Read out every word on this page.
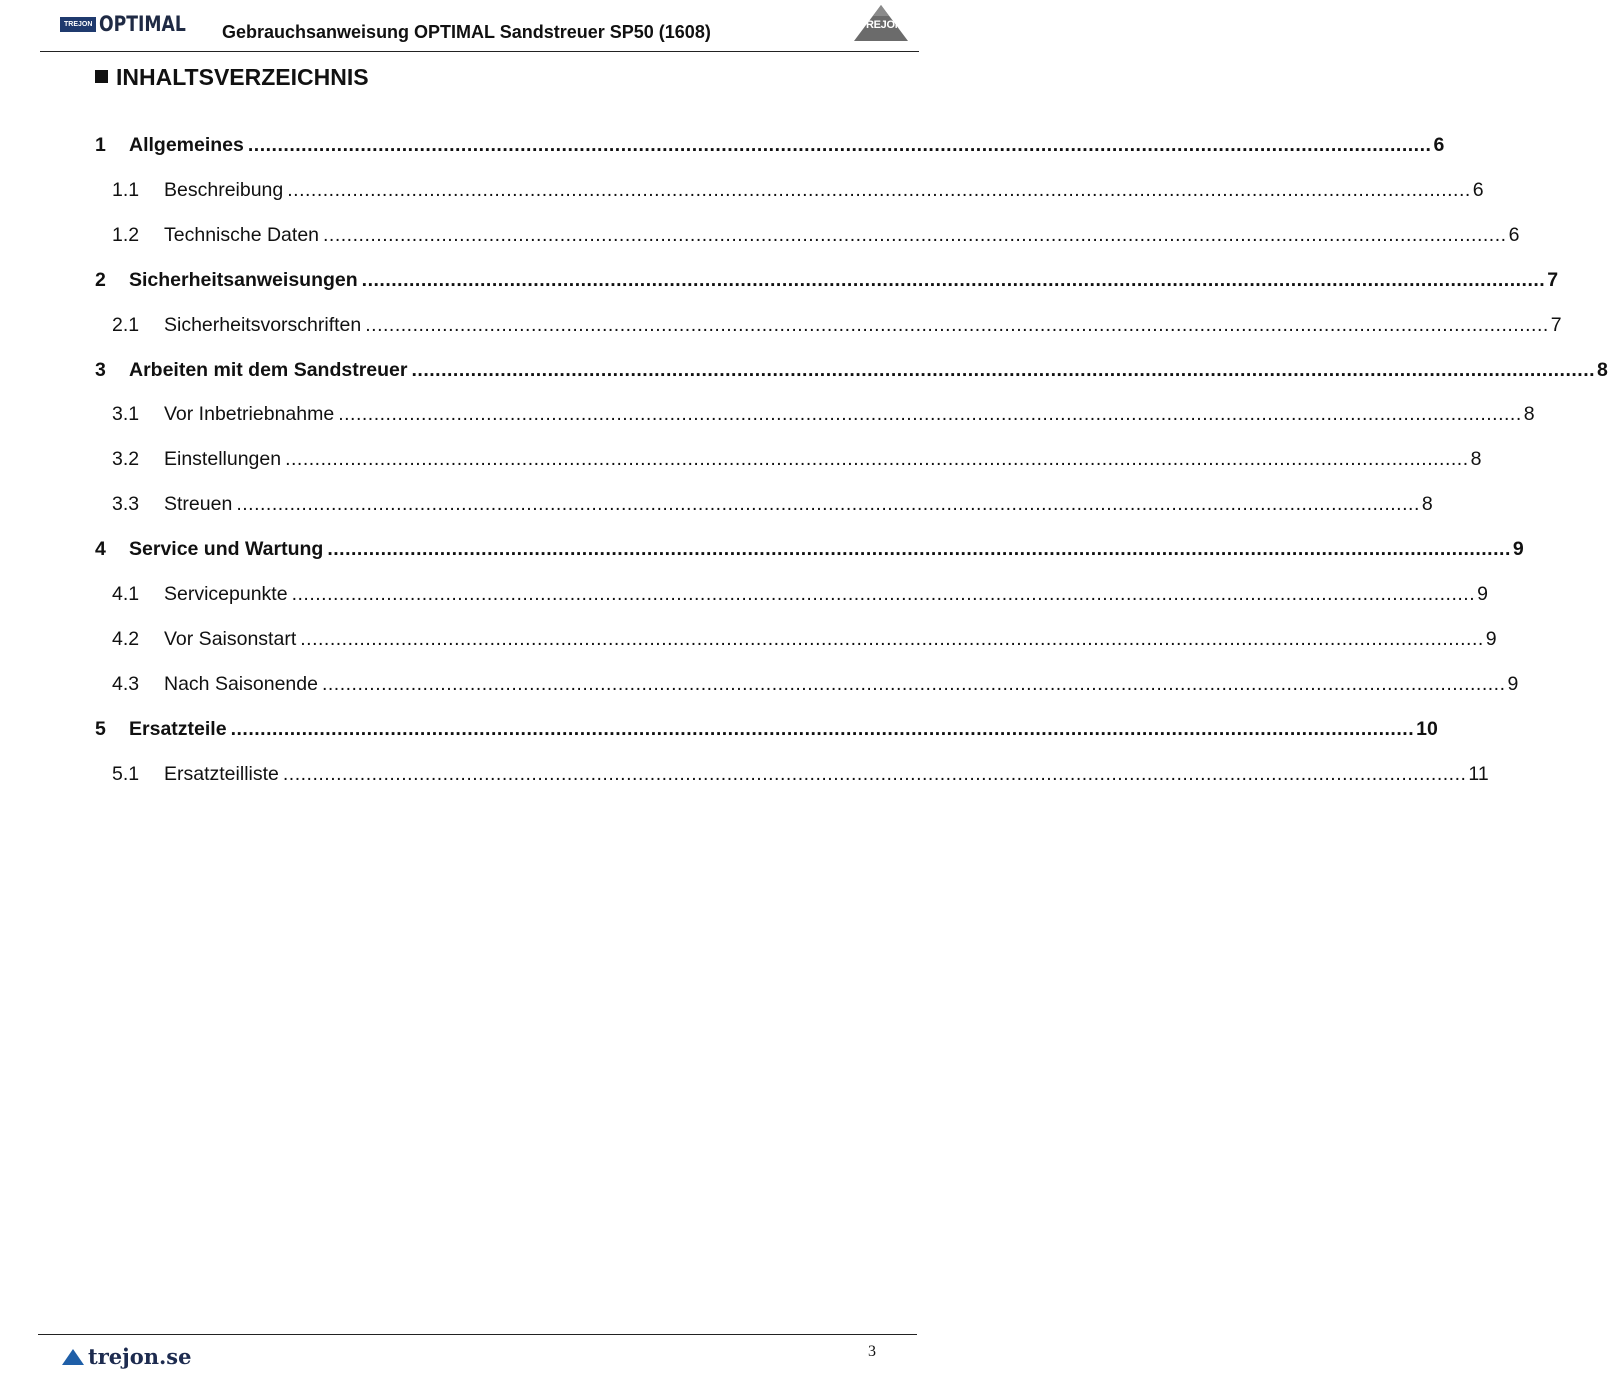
TREJON OPTIMAL Gebrauchsanweisung OPTIMAL Sandstreuer SP50 (1608)	TREJON
INHALTSVERZEICHNIS
1	Allgemeines ........................................................................................................................................................................................................ 6
1.1	Beschreibung ........................................................................................................................................................................................................ 6
1.2	Technische Daten ........................................................................................................................................................................................................ 6
2	Sicherheitsanweisungen ........................................................................................................................................................................................................ 7
2.1	Sicherheitsvorschriften ........................................................................................................................................................................................................ 7
3	Arbeiten mit dem Sandstreuer ........................................................................................................................................................................................................ 8
3.1	Vor Inbetriebnahme ........................................................................................................................................................................................................ 8
3.2	Einstellungen ........................................................................................................................................................................................................ 8
3.3	Streuen ........................................................................................................................................................................................................ 8
4	Service und Wartung ........................................................................................................................................................................................................ 9
4.1	Servicepunkte ........................................................................................................................................................................................................ 9
4.2	Vor Saisonstart ........................................................................................................................................................................................................ 9
4.3	Nach Saisonende ........................................................................................................................................................................................................ 9
5	Ersatzteile ........................................................................................................................................................................................................ 10
5.1	Ersatzteilliste ........................................................................................................................................................................................................ 11
trejon.se	3
